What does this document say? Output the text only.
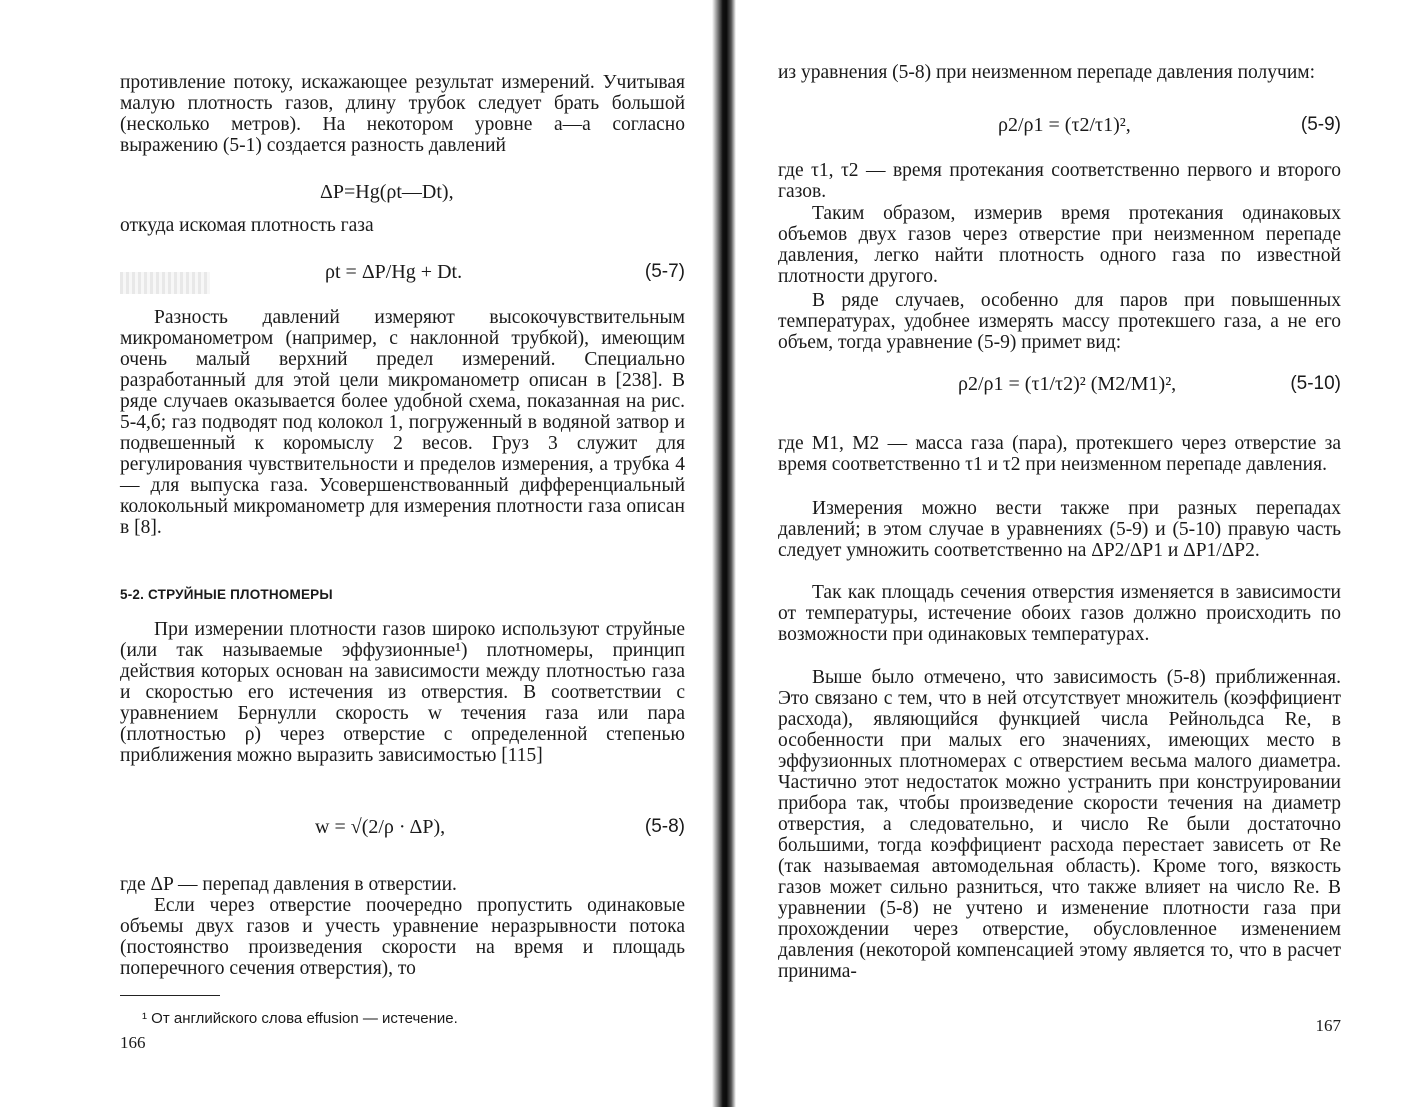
противление потоку, искажающее результат измерений. Учитывая малую плотность газов, длину трубок следует брать большой (несколько метров). На некотором уровне а—а согласно выражению (5-1) создается разность давлений

ΔP=Hg(ρt—Dt),

откуда искомая плотность газа

ρt = ΔP/Hg + Dt.	(5-7)

Разность давлений измеряют высокочувствительным микроманометром (например, с наклонной трубкой), имеющим очень малый верхний предел измерений. Специально разработанный для этой цели микроманометр описан в [238]. В ряде случаев оказывается более удобной схема, показанная на рис. 5-4,б; газ подводят под колокол 1, погруженный в водяной затвор и подвешенный к коромыслу 2 весов. Груз 3 служит для регулирования чувствительности и пределов измерения, а трубка 4 — для выпуска газа. Усовершенствованный дифференциальный колокольный микроманометр для измерения плотности газа описан в [8].

5-2. СТРУЙНЫЕ ПЛОТНОМЕРЫ

При измерении плотности газов широко используют струйные (или так называемые эффузионные¹) плотномеры, принцип действия которых основан на зависимости между плотностью газа и скоростью его истечения из отверстия. В соответствии с уравнением Бернулли скорость w течения газа или пара (плотностью ρ) через отверстие с определенной степенью приближения можно выразить зависимостью [115]

w = √(2/ρ · ΔP),	(5-8)

где ΔP — перепад давления в отверстии.

Если через отверстие поочередно пропустить одинаковые объемы двух газов и учесть уравнение неразрывности потока (постоянство произведения скорости на время и площадь поперечного сечения отверстия), то

¹ От английского слова effusion — истечение.
166

из уравнения (5-8) при неизменном перепаде давления получим:

ρ2/ρ1 = (τ2/τ1)²,	(5-9)

где τ1, τ2 — время протекания соответственно первого и второго газов.

Таким образом, измерив время протекания одинаковых объемов двух газов через отверстие при неизменном перепаде давления, легко найти плотность одного газа по известной плотности другого.

В ряде случаев, особенно для паров при повышенных температурах, удобнее измерять массу протекшего газа, а не его объем, тогда уравнение (5-9) примет вид:

ρ2/ρ1 = (τ1/τ2)² (M2/M1)²,	(5-10)

где M1, M2 — масса газа (пара), протекшего через отверстие за время соответственно τ1 и τ2 при неизменном перепаде давления.

Измерения можно вести также при разных перепадах давлений; в этом случае в уравнениях (5-9) и (5-10) правую часть следует умножить соответственно на ΔP2/ΔP1 и ΔP1/ΔP2.

Так как площадь сечения отверстия изменяется в зависимости от температуры, истечение обоих газов должно происходить по возможности при одинаковых температурах.

Выше было отмечено, что зависимость (5-8) приближенная. Это связано с тем, что в ней отсутствует множитель (коэффициент расхода), являющийся функцией числа Рейнольдса Re, в особенности при малых его значениях, имеющих место в эффузионных плотномерах с отверстием весьма малого диаметра. Частично этот недостаток можно устранить при конструировании прибора так, чтобы произведение скорости течения на диаметр отверстия, а следовательно, и число Re были достаточно большими, тогда коэффициент расхода перестает зависеть от Re (так называемая автомодельная область). Кроме того, вязкость газов может сильно разниться, что также влияет на число Re. В уравнении (5-8) не учтено и изменение плотности газа при прохождении через отверстие, обусловленное изменением давления (некоторой компенсацией этому является то, что в расчет принима-

167
